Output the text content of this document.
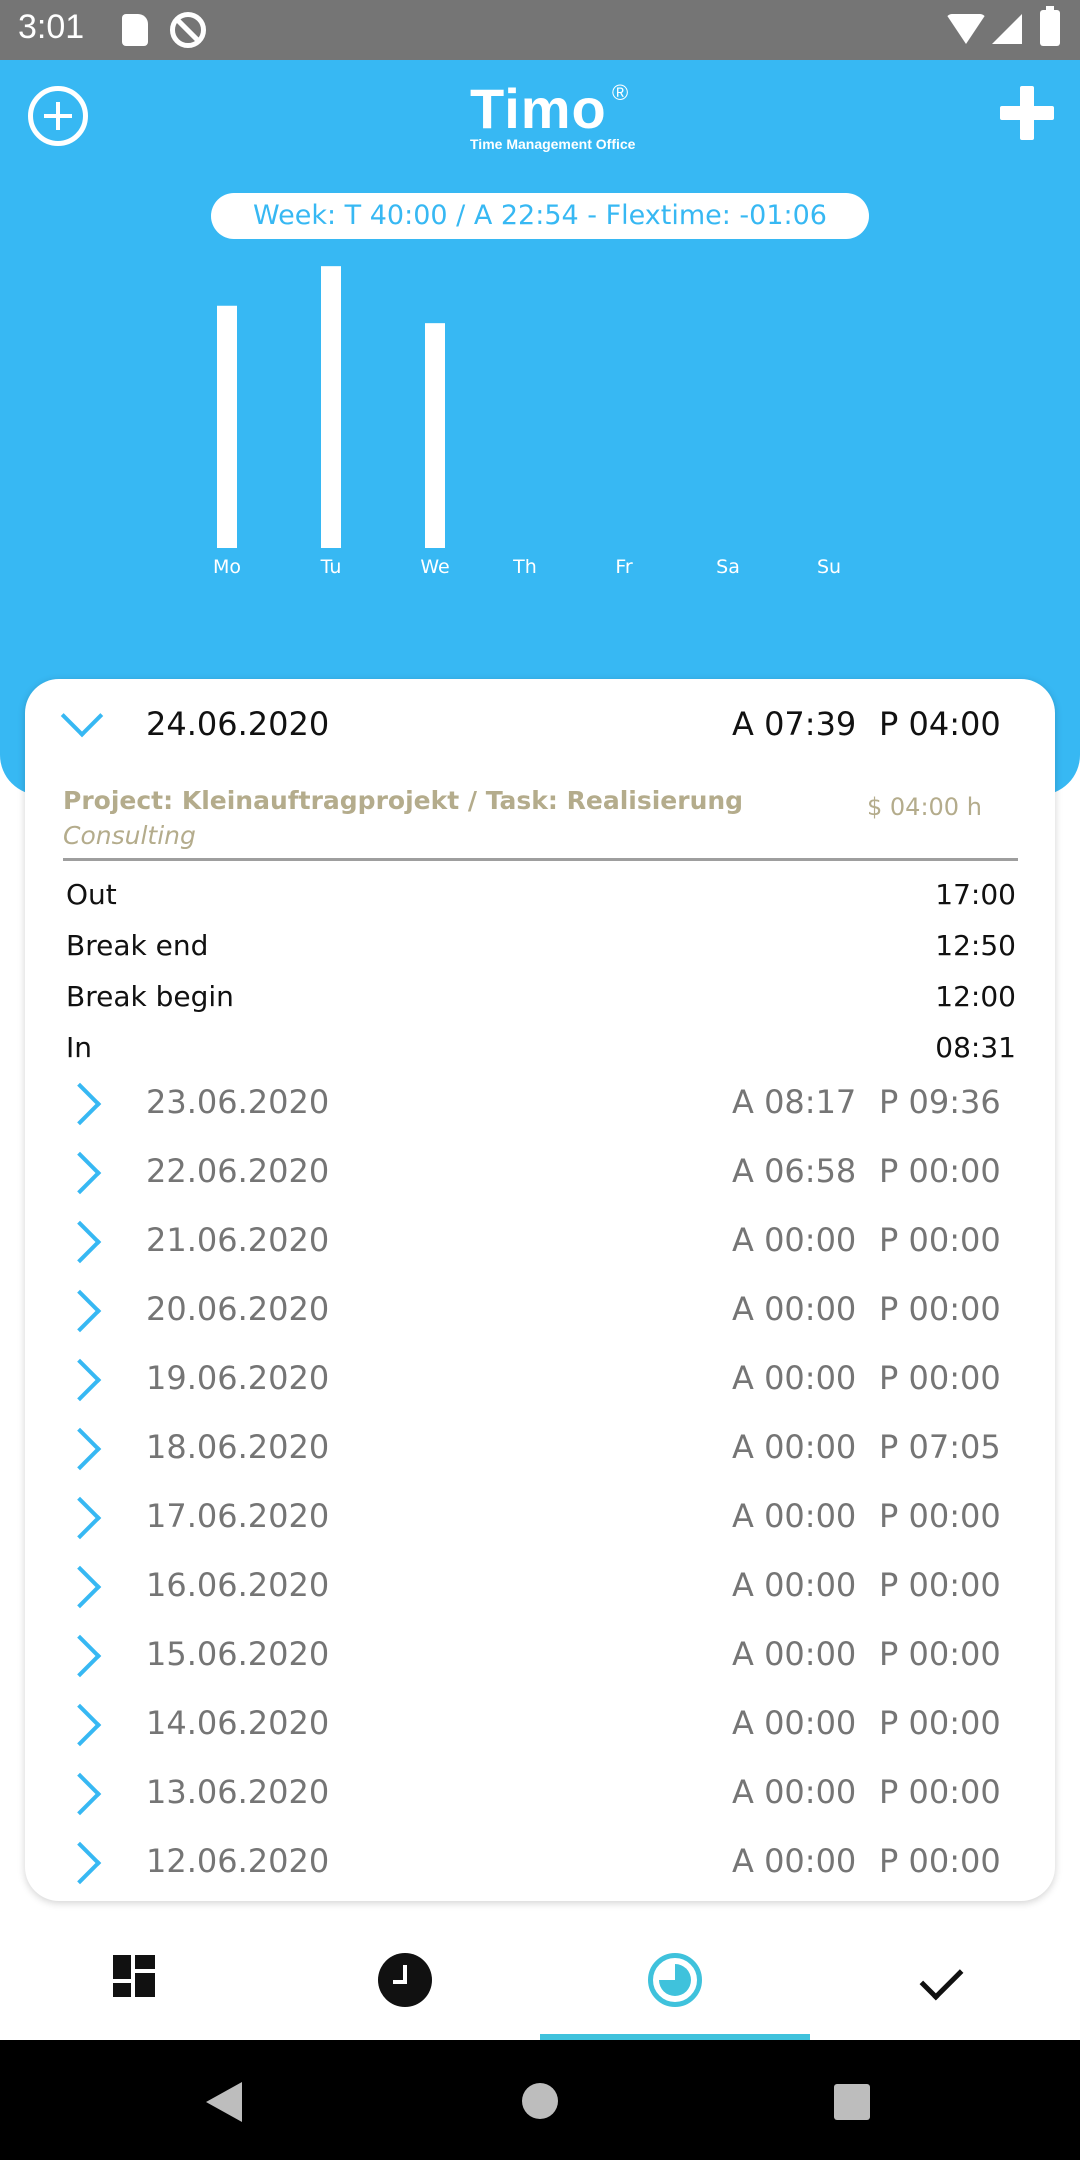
3:01
Timo ®
Time Management Office
Week: T 40:00 / A 22:54 - Flextime: -01:06
Mo	Tu	We	Th	Fr	Sa	Su
24.06.2020	A 07:39 P 04:00
Project: Kleinauftragprojekt / Task: Realisierung
Consulting
$ 04:00 h
Out	17:00
Break end	12:50
Break begin	12:00
In	08:31
23.06.2020	A 08:17 P 09:36
22.06.2020	A 06:58 P 00:00
21.06.2020	A 00:00 P 00:00
20.06.2020	A 00:00 P 00:00
19.06.2020	A 00:00 P 00:00
18.06.2020	A 00:00 P 07:05
17.06.2020	A 00:00 P 00:00
16.06.2020	A 00:00 P 00:00
15.06.2020	A 00:00 P 00:00
14.06.2020	A 00:00 P 00:00
13.06.2020	A 00:00 P 00:00
12.06.2020	A 00:00 P 00:00
